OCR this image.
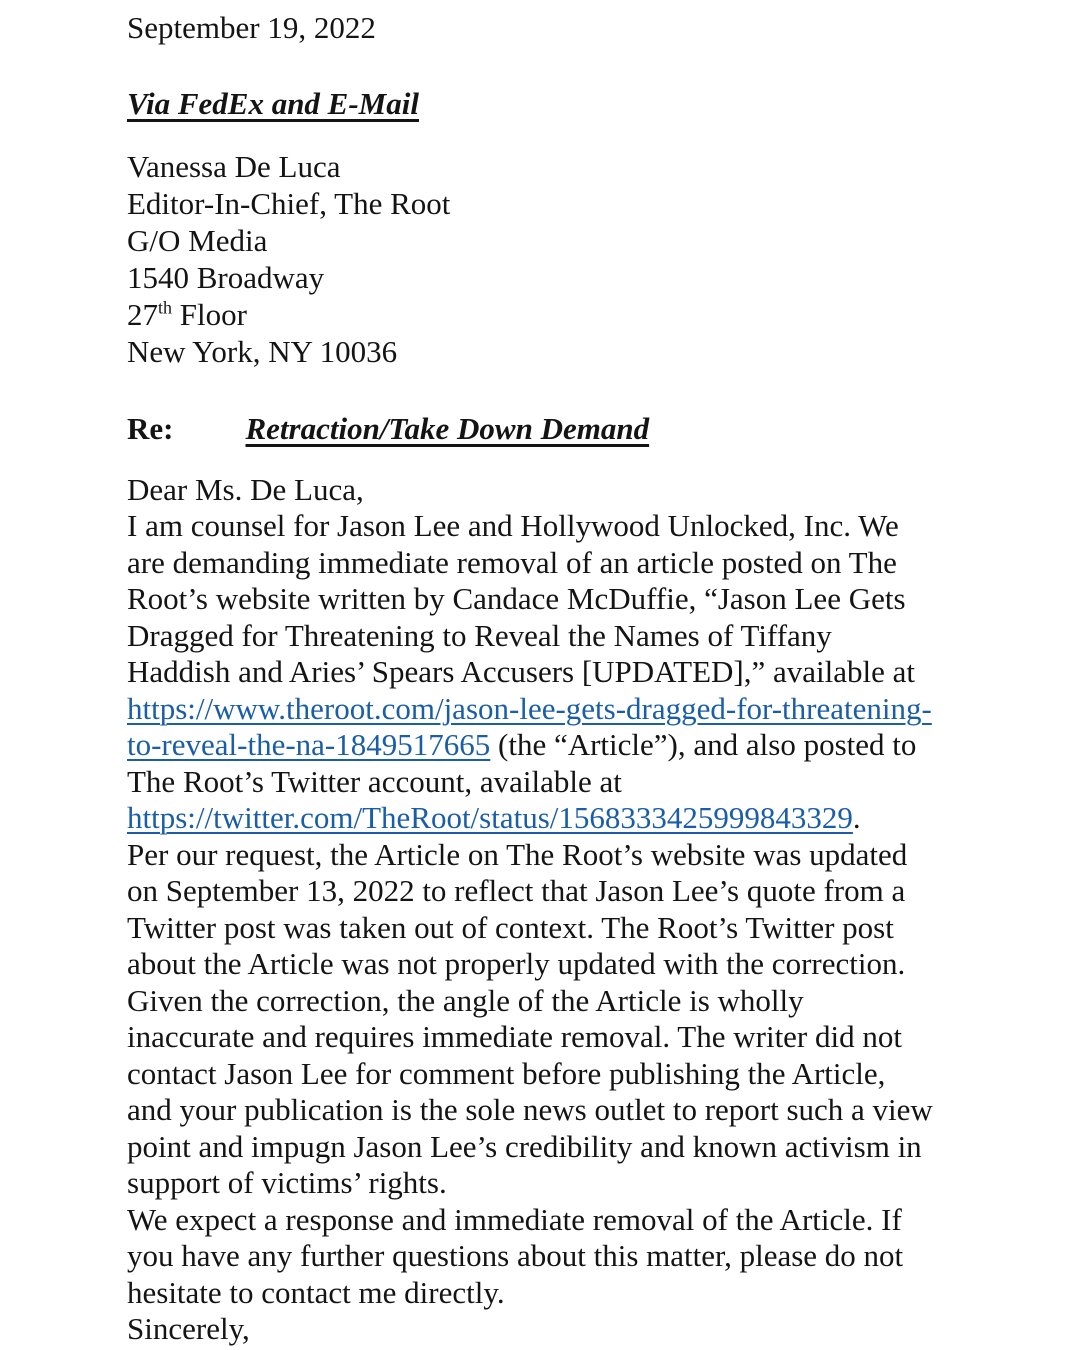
September 19, 2022
Via FedEx and E-Mail
Vanessa De Luca
Editor-In-Chief, The Root
G/O Media
1540 Broadway
27th Floor
New York, NY 10036
Re: Retraction/Take Down Demand
Dear Ms. De Luca,
I am counsel for Jason Lee and Hollywood Unlocked, Inc. We
are demanding immediate removal of an article posted on The
Root’s website written by Candace McDuffie, “Jason Lee Gets
Dragged for Threatening to Reveal the Names of Tiffany
Haddish and Aries’ Spears Accusers [UPDATED],” available at
https://www.theroot.com/jason-lee-gets-dragged-for-threatening-
to-reveal-the-na-1849517665 (the “Article”), and also posted to
The Root’s Twitter account, available at
https://twitter.com/TheRoot/status/1568333425999843329.
Per our request, the Article on The Root’s website was updated
on September 13, 2022 to reflect that Jason Lee’s quote from a
Twitter post was taken out of context. The Root’s Twitter post
about the Article was not properly updated with the correction.
Given the correction, the angle of the Article is wholly
inaccurate and requires immediate removal. The writer did not
contact Jason Lee for comment before publishing the Article,
and your publication is the sole news outlet to report such a view
point and impugn Jason Lee’s credibility and known activism in
support of victims’ rights.
We expect a response and immediate removal of the Article. If
you have any further questions about this matter, please do not
hesitate to contact me directly.
Sincerely,
